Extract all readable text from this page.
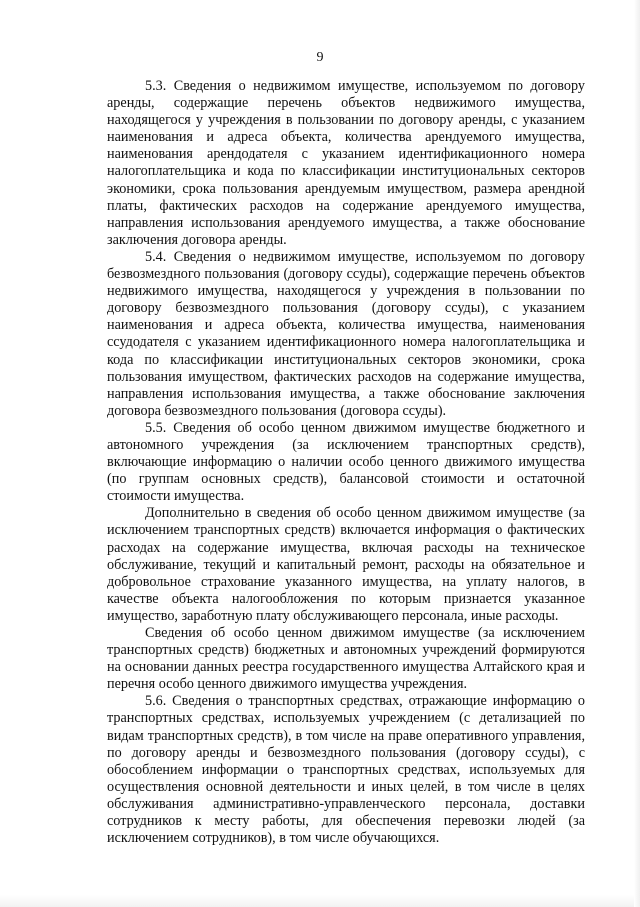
9

5.3. Сведения о недвижимом имуществе, используемом по договору аренды, содержащие перечень объектов недвижимого имущества, находящегося у учреждения в пользовании по договору аренды, с указанием наименования и адреса объекта, количества арендуемого имущества, наименования арендодателя с указанием идентификационного номера налогоплательщика и кода по классификации институциональных секторов экономики, срока пользования арендуемым имуществом, размера арендной платы, фактических расходов на содержание арендуемого имущества, направления использования арендуемого имущества, а также обоснование заключения договора аренды.

5.4. Сведения о недвижимом имуществе, используемом по договору безвозмездного пользования (договору ссуды), содержащие перечень объектов недвижимого имущества, находящегося у учреждения в пользовании по договору безвозмездного пользования (договору ссуды), с указанием наименования и адреса объекта, количества имущества, наименования ссудодателя с указанием идентификационного номера налогоплательщика и кода по классификации институциональных секторов экономики, срока пользования имуществом, фактических расходов на содержание имущества, направления использования имущества, а также обоснование заключения договора безвозмездного пользования (договора ссуды).

5.5. Сведения об особо ценном движимом имуществе бюджетного и автономного учреждения (за исключением транспортных средств), включающие информацию о наличии особо ценного движимого имущества (по группам основных средств), балансовой стоимости и остаточной стоимости имущества.

Дополнительно в сведения об особо ценном движимом имуществе (за исключением транспортных средств) включается информация о фактических расходах на содержание имущества, включая расходы на техническое обслуживание, текущий и капитальный ремонт, расходы на обязательное и добровольное страхование указанного имущества, на уплату налогов, в качестве объекта налогообложения по которым признается указанное имущество, заработную плату обслуживающего персонала, иные расходы.

Сведения об особо ценном движимом имуществе (за исключением транспортных средств) бюджетных и автономных учреждений формируются на основании данных реестра государственного имущества Алтайского края и перечня особо ценного движимого имущества учреждения.

5.6. Сведения о транспортных средствах, отражающие информацию о транспортных средствах, используемых учреждением (с детализацией по видам транспортных средств), в том числе на праве оперативного управления, по договору аренды и безвозмездного пользования (договору ссуды), с обособлением информации о транспортных средствах, используемых для осуществления основной деятельности и иных целей, в том числе в целях обслуживания административно-управленческого персонала, доставки сотрудников к месту работы, для обеспечения перевозки людей (за исключением сотрудников), в том числе обучающихся.
